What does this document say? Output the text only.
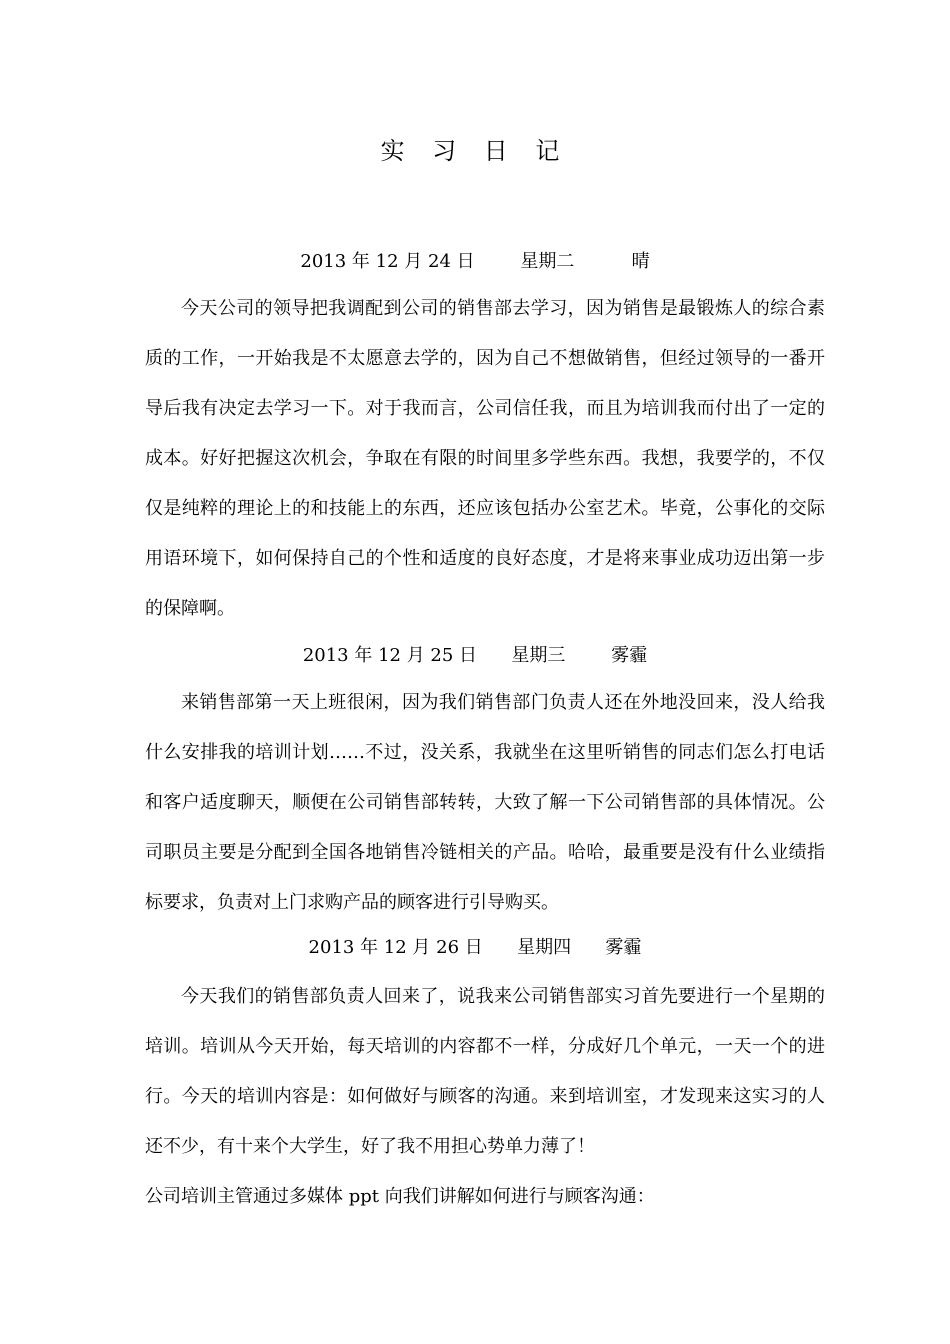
实 习 日 记
2013 年 12 月 24 日        星期二          晴
今天公司的领导把我调配到公司的销售部去学习，因为销售是最锻炼人的综合素质的工作，一开始我是不太愿意去学的，因为自己不想做销售，但经过领导的一番开导后我有决定去学习一下。对于我而言，公司信任我，而且为培训我而付出了一定的成本。好好把握这次机会，争取在有限的时间里多学些东西。我想，我要学的，不仅仅是纯粹的理论上的和技能上的东西，还应该包括办公室艺术。毕竟，公事化的交际用语环境下，如何保持自己的个性和适度的良好态度，才是将来事业成功迈出第一步的保障啊。
2013 年 12 月 25 日      星期三        雾霾
来销售部第一天上班很闲，因为我们销售部门负责人还在外地没回来，没人给我什么安排我的培训计划……不过，没关系，我就坐在这里听销售的同志们怎么打电话和客户适度聊天，顺便在公司销售部转转，大致了解一下公司销售部的具体情况。公司职员主要是分配到全国各地销售冷链相关的产品。哈哈，最重要是没有什么业绩指标要求，负责对上门求购产品的顾客进行引导购买。
2013 年 12 月 26 日      星期四      雾霾
今天我们的销售部负责人回来了，说我来公司销售部实习首先要进行一个星期的培训。培训从今天开始，每天培训的内容都不一样，分成好几个单元，一天一个的进行。今天的培训内容是：如何做好与顾客的沟通。来到培训室，才发现来这实习的人还不少，有十来个大学生，好了我不用担心势单力薄了！
公司培训主管通过多媒体 ppt 向我们讲解如何进行与顾客沟通：
